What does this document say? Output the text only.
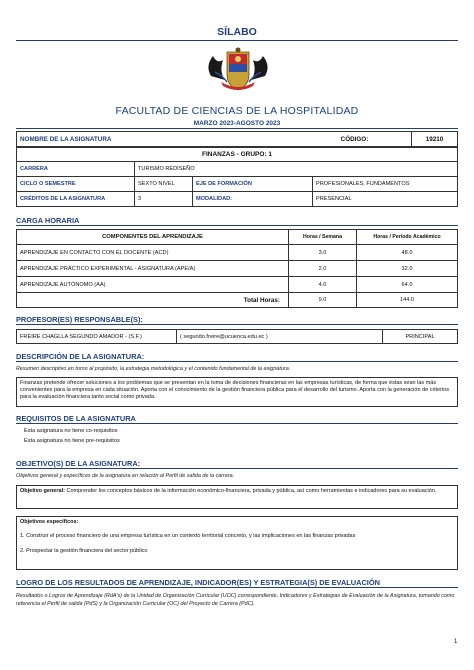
SÍLABO
FACULTAD DE CIENCIAS DE LA HOSPITALIDAD
MARZO 2023-AGOSTO 2023
NOMBRE DE LA ASIGNATURA		CÓDIGO:	19210
FINANZAS - GRUPO: 1			
CARRERA	TURISMO REDISEÑO		
CICLO O SEMESTRE	SEXTO NIVEL	EJE DE FORMACIÓN	PROFESIONALES, FUNDAMENTOS
CRÉDITOS DE LA ASIGNATURA	3	MODALIDAD:	PRESENCIAL
CARGA HORARIA
COMPONENTES DEL APRENDIZAJE	Horas / Semana	Horas / Período Académico
APRENDIZAJE EN CONTACTO CON EL DOCENTE (ACD)	3.0	48.0
APRENDIZAJE PRÁCTICO EXPERIMENTAL - ASIGNATURA (APE/A)	2.0	32.0
APRENDIZAJE AUTÓNOMO (AA)	4.0	64.0
Total Horas:	9.0	144.0
PROFESOR(ES) RESPONSABLE(S):
FREIRE CHAGLLA SEGUNDO AMADOR - (S.F.)	( segundo.freire@ucuenca.edu.ec )	PRINCIPAL
DESCRIPCIÓN DE LA ASIGNATURA:
Resumen descriptivo en torno al propósito, la estrategia metodológica y el contenido fundamental de la asignatura.
Finanzas pretende ofrecer soluciones a los problemas que se presentan en la toma de decisiones financieras en las empresas turísticas, de forma que éstas sean las más convenientes para la empresa en cada situación. Aporta con el conocimiento de la gestión financiera pública para el desarrollo del turismo. Aporta con la generación de criterios para la evaluación financiera tanto social como privada.
REQUISITOS DE LA ASIGNATURA
Esta asignatura no tiene co-requisitos
Esta asignatura no tiene pre-requisitos
OBJETIVO(S) DE LA ASIGNATURA:
Objetivos general y específicos de la asignatura en relación al Perfil de salida de la carrera.
Objetivo general: Comprender los conceptos básicos de la información económico-financiera, privada y pública, así como herramientas e indicadores para su evaluación.
Objetivos específicos:
1. Construir el proceso financiero de una empresa turística en un contexto territorial concreto, y las implicaciones en las finanzas privadas
2. Prospectar la gestión financiera del sector público
LOGRO DE LOS RESULTADOS DE APRENDIZAJE, INDICADOR(ES) Y ESTRATEGIA(S) DE EVALUACIÓN
Resultados o Logros de Aprendizaje (RdA's) de la Unidad de Organización Curricular (UOC) correspondiente, Indicadores y Estrategias de Evaluación de la Asignatura, tomando como referencia el Perfil de salida (PdS) y la Organización Curricular (OC) del Proyecto de Carrera (PdC).
1
